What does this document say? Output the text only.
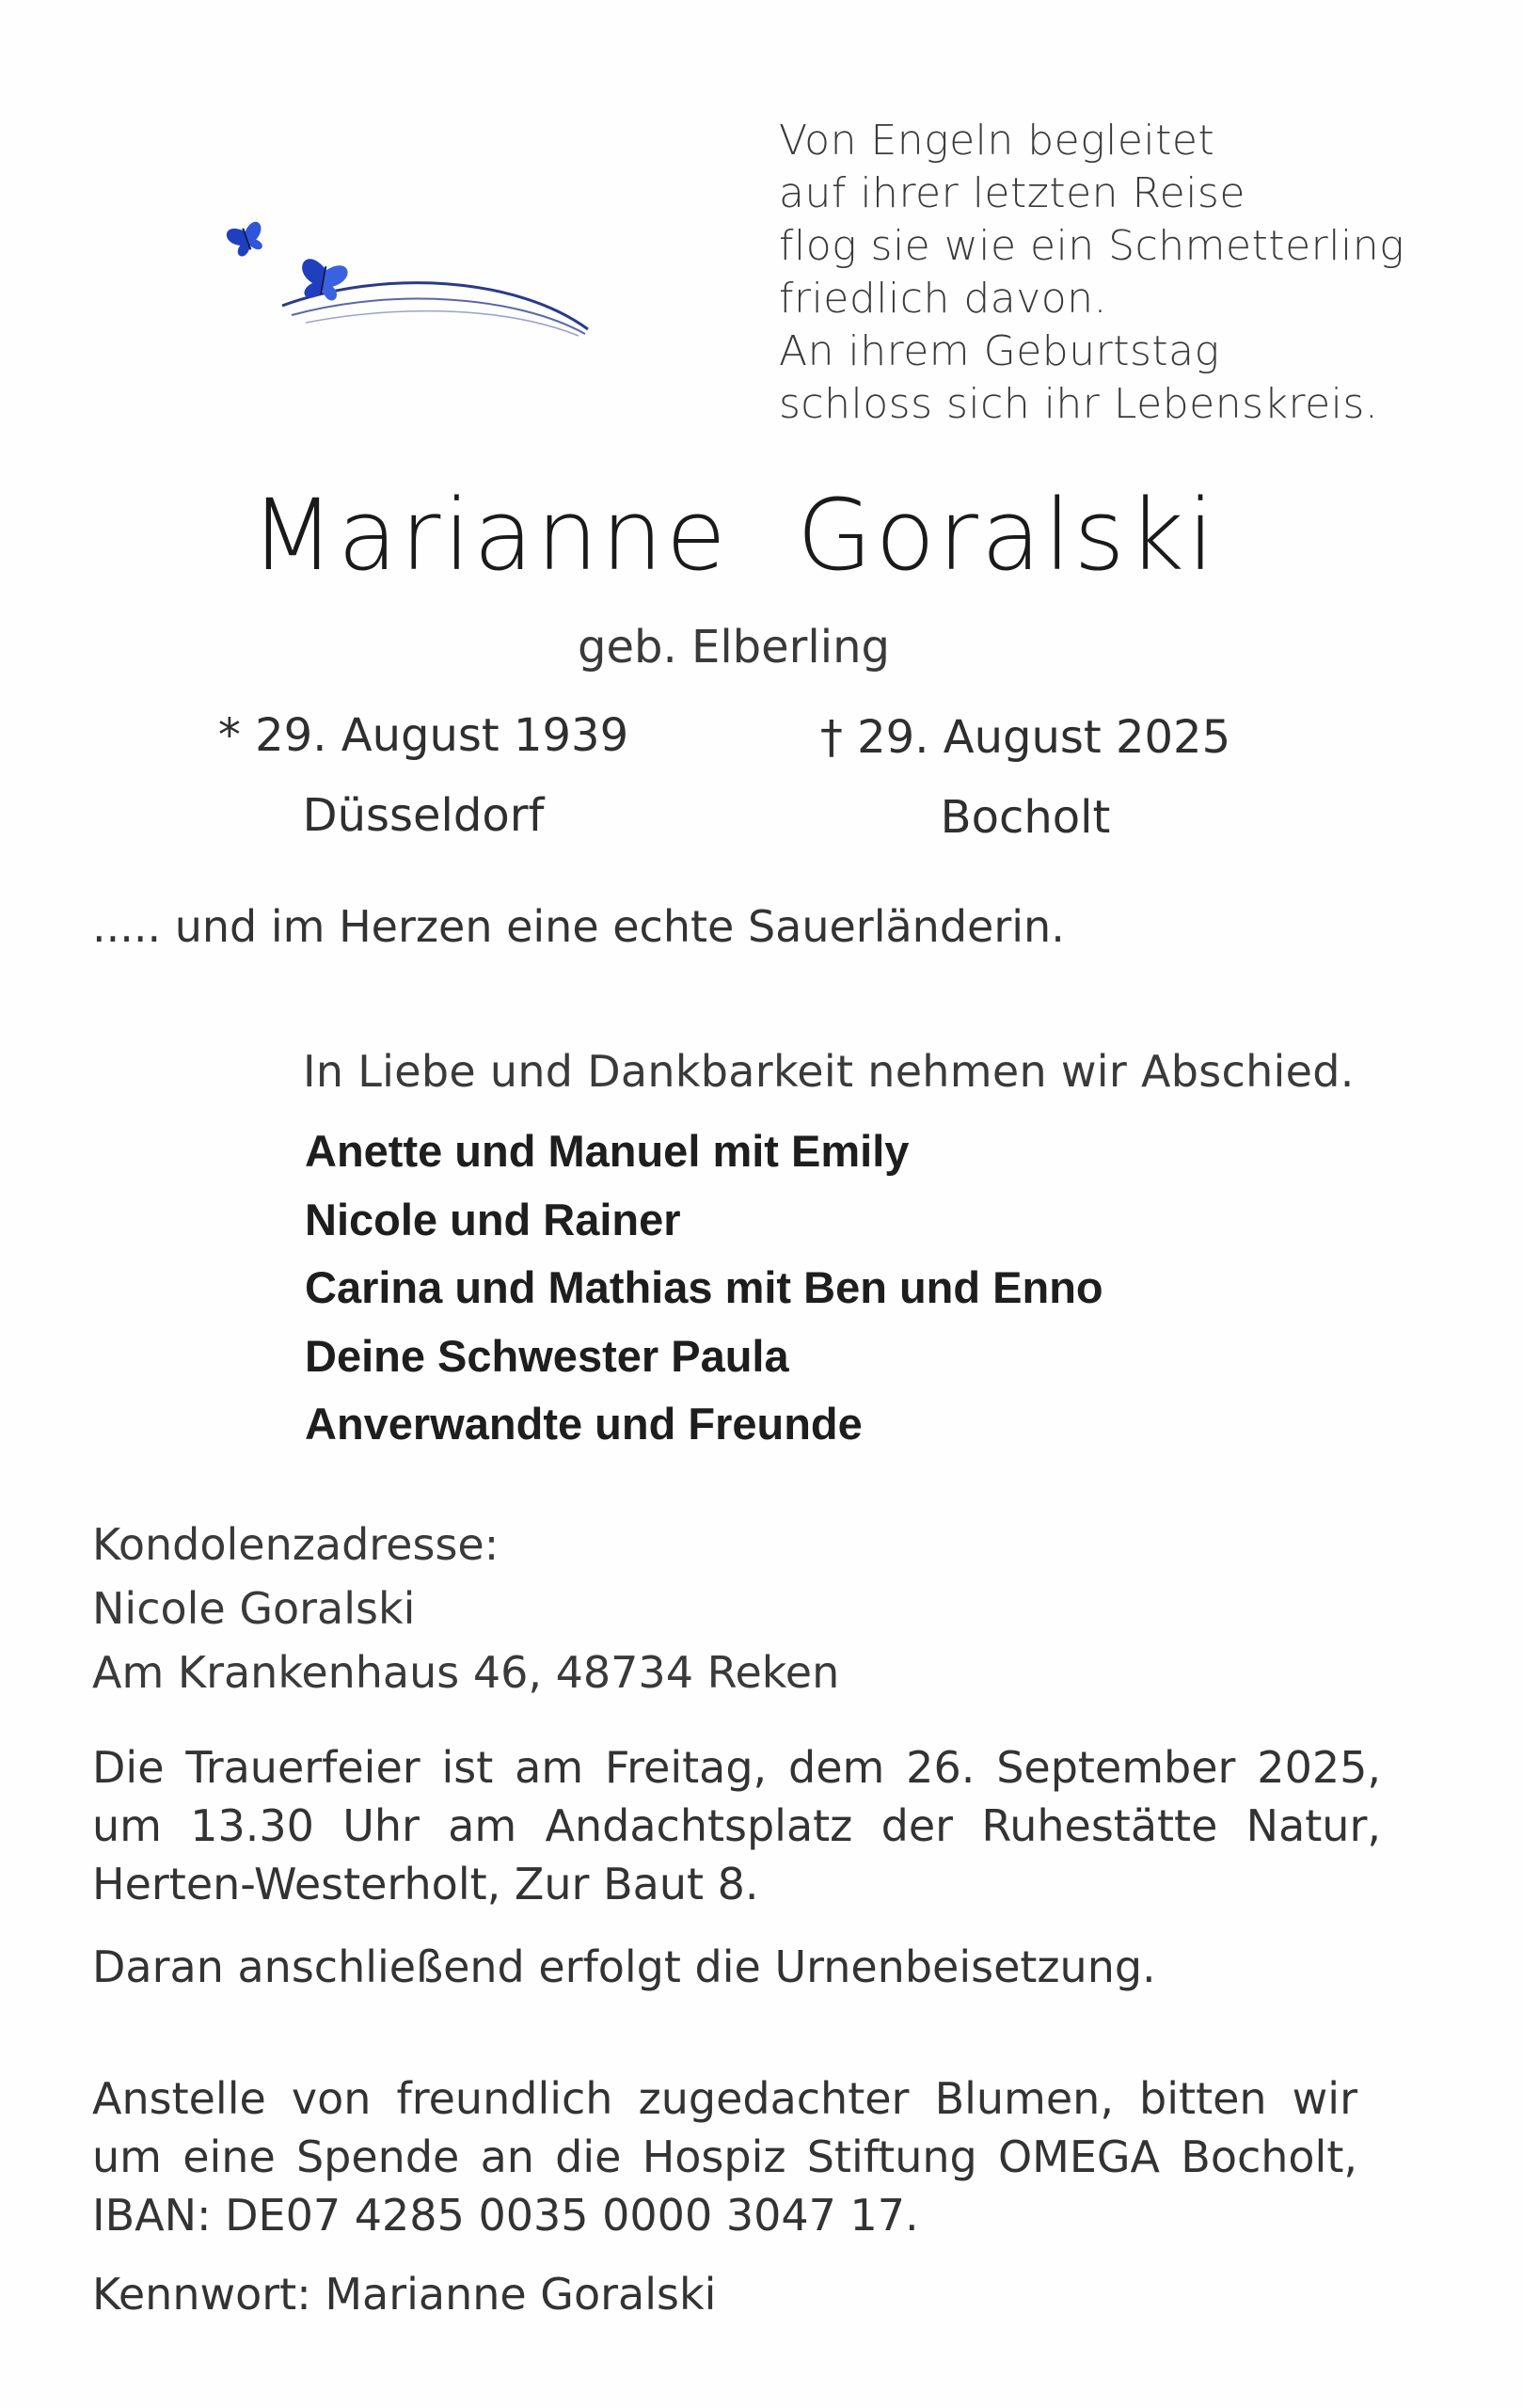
Von Engeln begleitet
auf ihrer letzten Reise
flog sie wie ein Schmetterling
friedlich davon.
An ihrem Geburtstag
schloss sich ihr Lebenskreis.
Marianne  Goralski
geb. Elberling
* 29. August 1939
Düsseldorf
† 29. August 2025
Bocholt
..... und im Herzen eine echte Sauerländerin.
In Liebe und Dankbarkeit nehmen wir Abschied.
Anette und Manuel mit Emily
Nicole und Rainer
Carina und Mathias mit Ben und Enno
Deine Schwester Paula
Anverwandte und Freunde
Kondolenzadresse:
Nicole Goralski
Am Krankenhaus 46, 48734 Reken
Die Trauerfeier ist am Freitag, dem 26. September 2025, um 13.30 Uhr am Andachtsplatz der Ruhestätte Natur, Herten-Westerholt, Zur Baut 8.
Daran anschließend erfolgt die Urnenbeisetzung.
Anstelle von freundlich zugedachter Blumen, bitten wir um eine Spende an die Hospiz Stiftung OMEGA Bocholt, IBAN: DE07 4285 0035 0000 3047 17.
Kennwort: Marianne Goralski
